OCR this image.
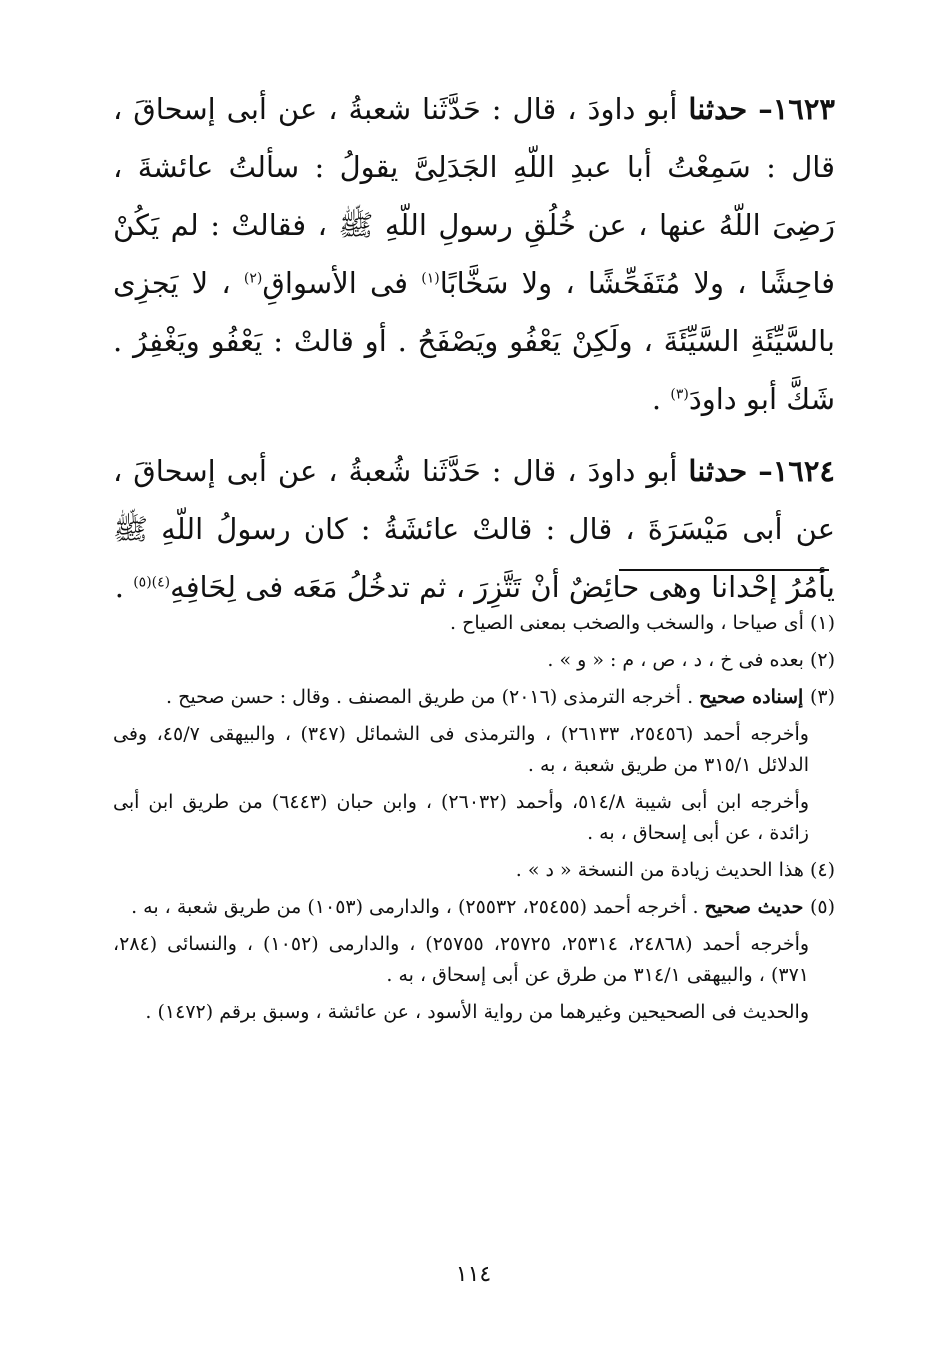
١٦٢٣– حدثنا أبو داودَ ، قال : حَدَّثَنا شعبةُ ، عن أبى إسحاقَ ، قال : سَمِعْتُ أبا عبدِ اللّهِ الجَدَلِىَّ يقولُ : سألتُ عائشةَ ، رَضِىَ اللّهُ عنها ، عن خُلُقِ رسولِ اللّهِ ﷺ ، فقالتْ : لم يَكُنْ فاحِشًا ، ولا مُتَفَحِّشًا ، ولا سَخَّابًا$^{(١)}$ فى الأسواقِ$^{(٢)}$ ، لا يَجزِى بالسَّيِّئَةِ السَّيِّئَةَ ، ولَكِنْ يَعْفُو ويَصْفَحُ . أو قالتْ : يَعْفُو ويَغْفِرُ . شَكَّ أبو داودَ$^{(٣)}$ .

١٦٢٤– حدثنا أبو داودَ ، قال : حَدَّثَنا شُعبةُ ، عن أبى إسحاقَ ، عن أبى مَيْسَرَةَ ، قال : قالتْ عائشَةُ : كان رسولُ اللّهِ ﷺ يأمُرُ إحْدانا وهى حائِضٌ أنْ تَتَّزِرَ ، ثم تدخُلُ مَعَه فى لِحَافِهِ$^{(٤)(٥)}$ .

(١) أى صياحا ، والسخب والصخب بمعنى الصياح .

(٢) بعده فى خ ، د ، ص ، م : « و » .

(٣) إسناده صحيح . أخرجه الترمذى (٢٠١٦) من طريق المصنف . وقال : حسن صحيح .

وأخرجه أحمد (٢٥٤٥٦، ٢٦١٣٣) ، والترمذى فى الشمائل (٣٤٧) ، والبيهقى ٤٥/٧، وفى الدلائل ٣١٥/١ من طريق شعبة ، به .

وأخرجه ابن أبى شيبة ٥١٤/٨، وأحمد (٢٦٠٣٢) ، وابن حبان (٦٤٤٣) من طريق ابن أبى زائدة ، عن أبى إسحاق ، به .

(٤) هذا الحديث زيادة من النسخة « د » .

(٥) حديث صحيح . أخرجه أحمد (٢٥٤٥٥، ٢٥٥٣٢) ، والدارمى (١٠٥٣) من طريق شعبة ، به .

وأخرجه أحمد (٢٤٨٦٨، ٢٥٣١٤، ٢٥٧٢٥، ٢٥٧٥٥) ، والدارمى (١٠٥٢) ، والنسائى (٢٨٤، ٣٧١) ، والبيهقى ٣١٤/١ من طرق عن أبى إسحاق ، به .

والحديث فى الصحيحين وغيرهما من رواية الأسود ، عن عائشة ، وسبق برقم (١٤٧٢) .

١١٤
